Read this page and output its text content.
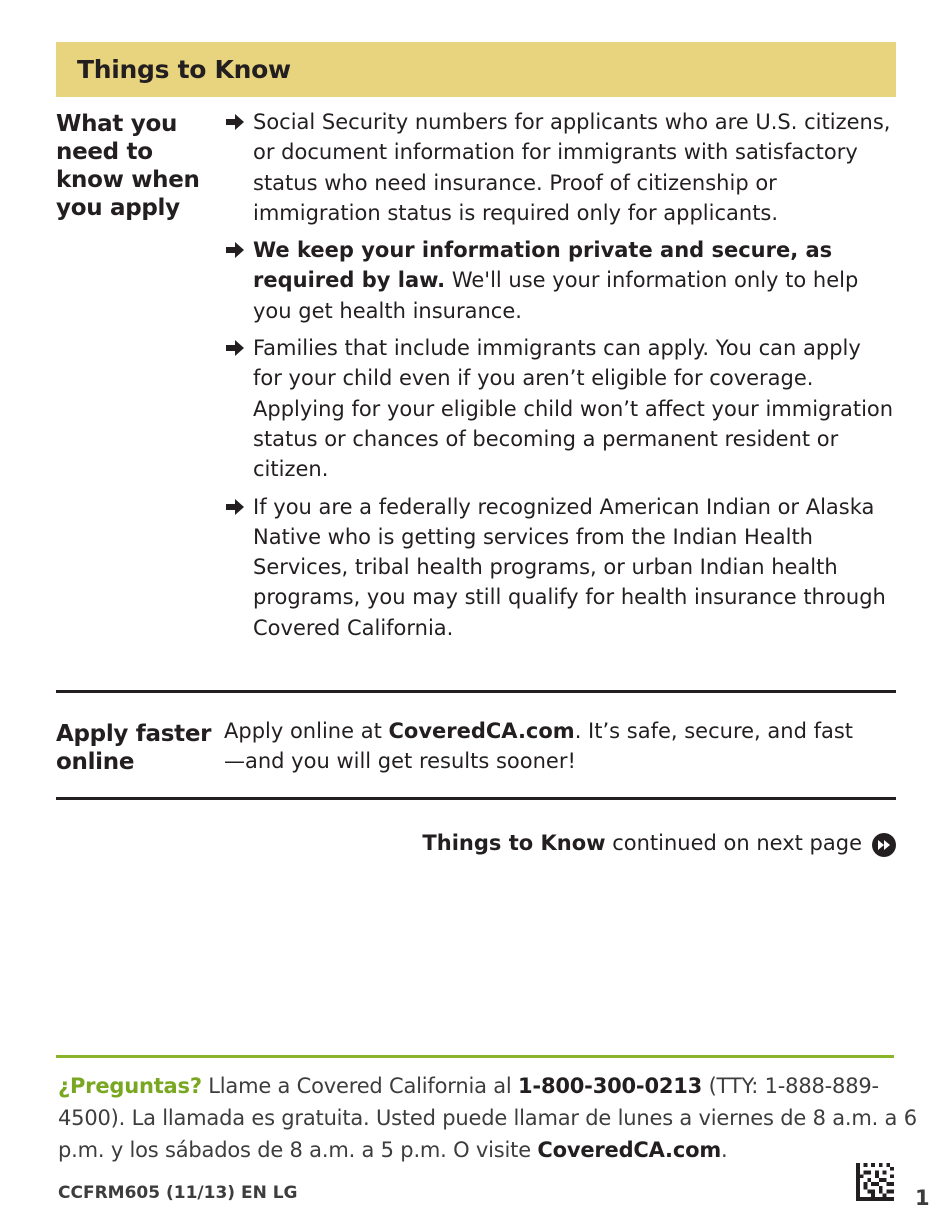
Things to Know
What you need to know when you apply
Social Security numbers for applicants who are U.S. citizens, or document information for immigrants with satisfactory status who need insurance. Proof of citizenship or immigration status is required only for applicants.
We keep your information private and secure, as required by law. We'll use your information only to help you get health insurance.
Families that include immigrants can apply. You can apply for your child even if you aren’t eligible for coverage. Applying for your eligible child won’t affect your immigration status or chances of becoming a permanent resident or citizen.
If you are a federally recognized American Indian or Alaska Native who is getting services from the Indian Health Services, tribal health programs, or urban Indian health programs, you may still qualify for health insurance through Covered California.
Apply faster online
Apply online at CoveredCA.com. It’s safe, secure, and fast—and you will get results sooner!
Things to Know continued on next page
¿Preguntas? Llame a Covered California al 1-800-300-0213 (TTY: 1-888-889-4500). La llamada es gratuita. Usted puede llamar de lunes a viernes de 8 a.m. a 6 p.m. y los sábados de 8 a.m. a 5 p.m. O visite CoveredCA.com.
CCFRM605 (11/13) EN LG	1
